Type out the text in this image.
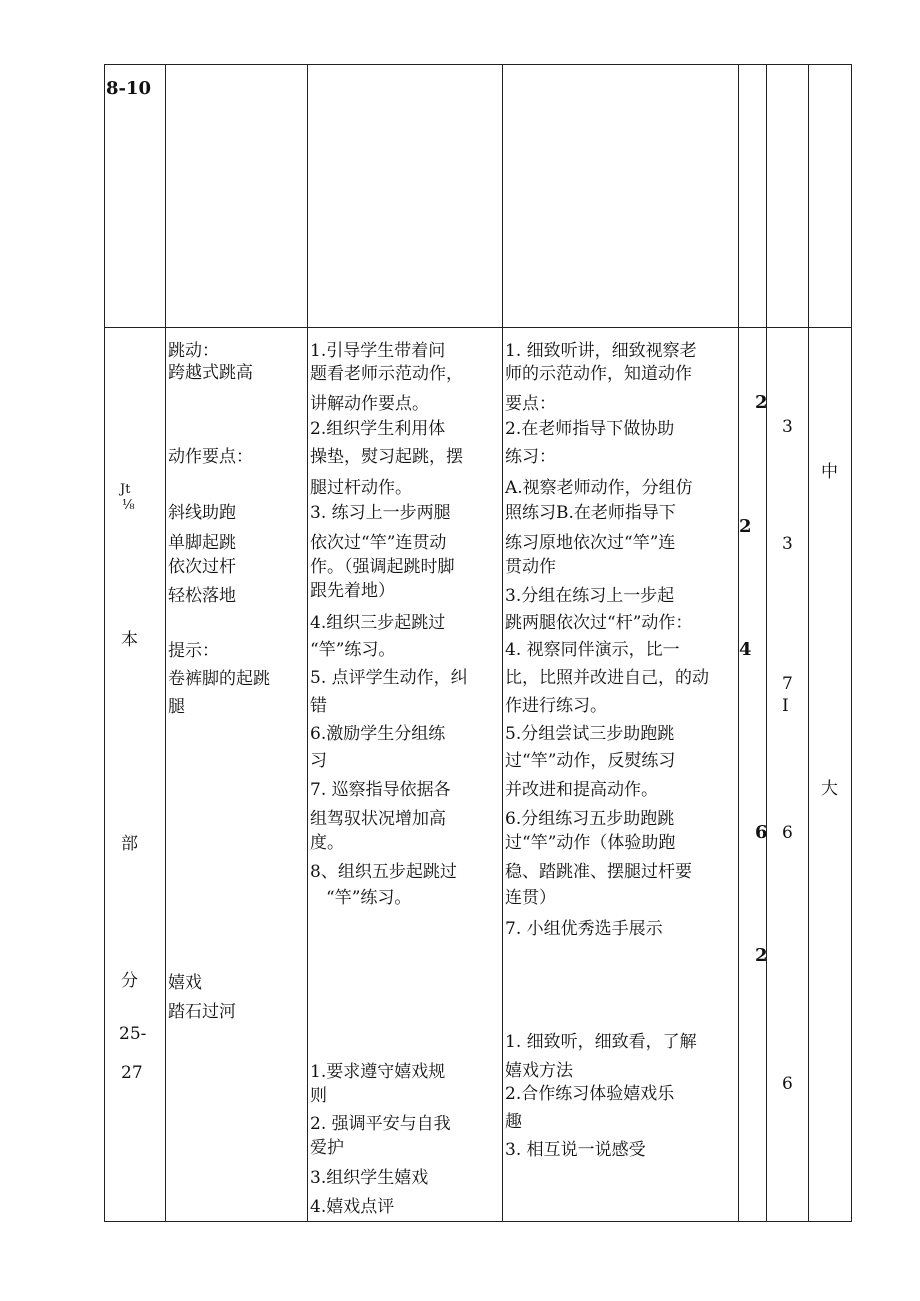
8-10
Jt
⅛
本
部
分
25-
27
跳动：
跨越式跳高
动作要点：
斜线助跑
单脚起跳
依次过杆
轻松落地
提示：
卷裤脚的起跳
腿
嬉戏
踏石过河
1.引导学生带着问
题看老师示范动作，
讲解动作要点。
2.组织学生利用体
操垫，熨习起跳，摆
腿过杆动作。
3. 练习上一步两腿
依次过“竿”连贯动
作。（强调起跳时脚
跟先着地）
4.组织三步起跳过
“竿”练习。
5. 点评学生动作，纠
错
6.激励学生分组练
习
7. 巡察指导依据各
组驾驭状况增加高
度。
8、组织五步起跳过
“竿”练习。
1.要求遵守嬉戏规
则
2. 强调平安与自我
爱护
3.组织学生嬉戏
4.嬉戏点评
1. 细致听讲，细致视察老
师的示范动作，知道动作
要点：
2.在老师指导下做协助
练习：
A.视察老师动作，分组仿
照练习B.在老师指导下
练习原地依次过“竿”连
贯动作
3.分组在练习上一步起
跳两腿依次过“杆”动作：
4. 视察同伴演示，比一
比，比照并改进自己，的动
作进行练习。
5.分组尝试三步助跑跳
过“竿”动作，反熨练习
并改进和提高动作。
6.分组练习五步助跑跳
过“竿”动作（体验助跑
稳、踏跳准、摆腿过杆要
连贯）
7. 小组优秀选手展示
1. 细致听，细致看，了解
嬉戏方法
2.合作练习体验嬉戏乐
趣
3. 相互说一说感受
2
2
4
6
2
3
3
7
I
6
6
中
大
